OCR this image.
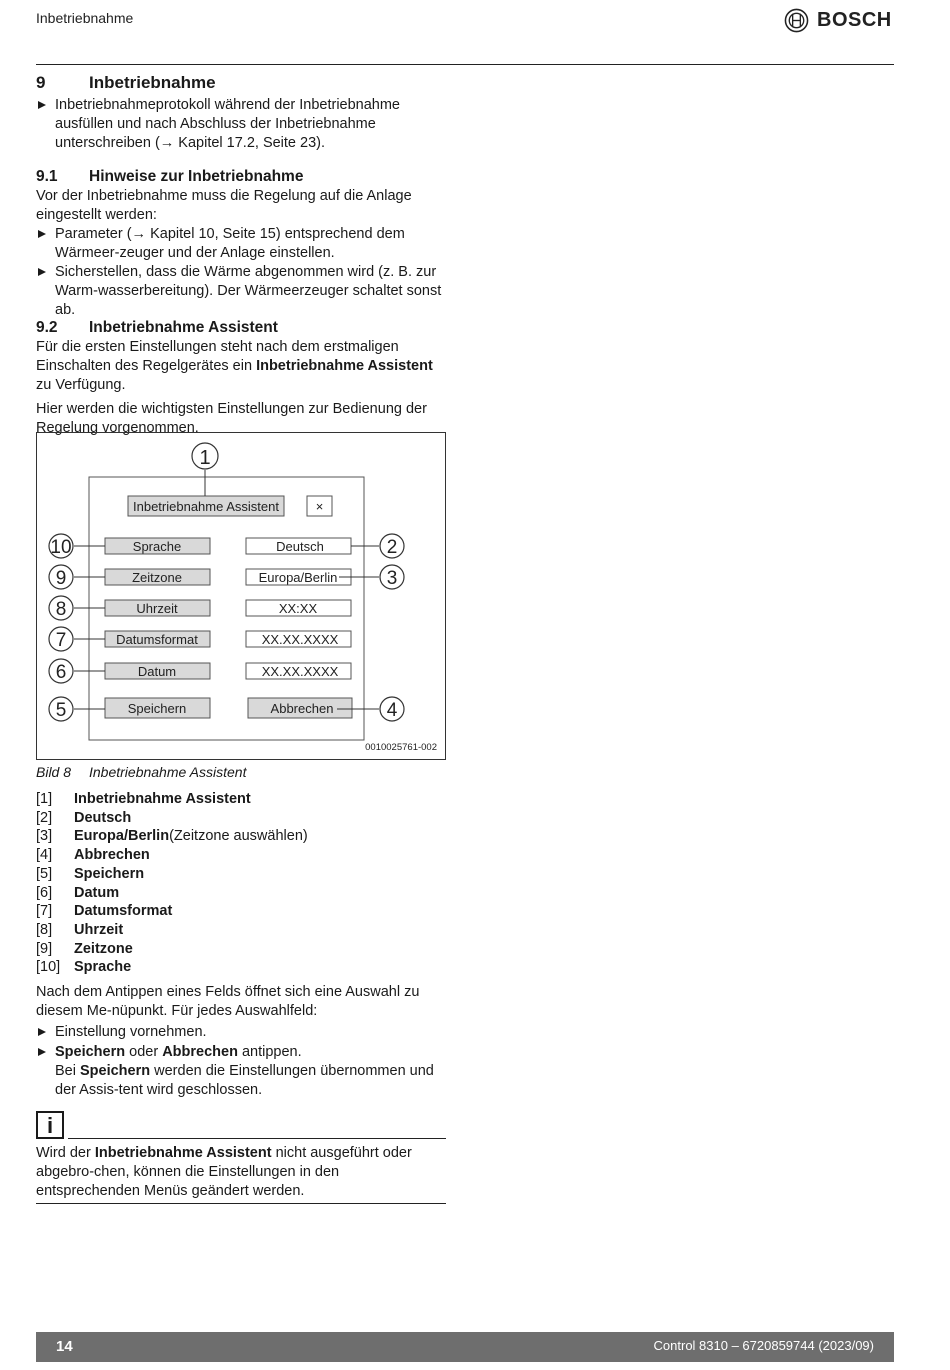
Inbetriebnahme	BOSCH
9	Inbetriebnahme
Inbetriebnahmeprotokoll während der Inbetriebnahme ausfüllen und nach Abschluss der Inbetriebnahme unterschreiben (→ Kapitel 17.2, Seite 23).
9.1	Hinweise zur Inbetriebnahme

Vor der Inbetriebnahme muss die Regelung auf die Anlage eingestellt werden:

Parameter (→ Kapitel 10, Seite 15) entsprechend dem Wärmeer-zeuger und der Anlage einstellen.
Sicherstellen, dass die Wärme abgenommen wird (z. B. zur Warm-wasserbereitung). Der Wärmeerzeuger schaltet sonst ab.
9.2	Inbetriebnahme Assistent

Für die ersten Einstellungen steht nach dem erstmaligen Einschalten des Regelgerätes ein Inbetriebnahme Assistent zu Verfügung.

Hier werden die wichtigsten Einstellungen zur Bedienung der Regelung vorgenommen.

Inbetriebnahme Assistent	×
1
Sprache	Deutsch
10	2
Zeitzone	Europa/Berlin
9	3
Uhrzeit	XX:XX
8
Datumsformat	XX.XX.XXXX
7
Datum	XX.XX.XXXX
6
Speichern
5	Abbrechen	4
0010025761-002
Bild 8 Inbetriebnahme Assistent
[1]	Inbetriebnahme Assistent
[2]	Deutsch
[3]	Europa/Berlin (Zeitzone auswählen)
[4]	Abbrechen
[5]	Speichern
[6]	Datum
[7]	Datumsformat
[8]	Uhrzeit
[9]	Zeitzone
[10] Sprache

Nach dem Antippen eines Felds öffnet sich eine Auswahl zu diesem Me-nüpunkt. Für jedes Auswahlfeld:

Einstellung vornehmen.
Speichern oder Abbrechen antippen.

Bei Speichern werden die Einstellungen übernommen und der Assis-tent wird geschlossen.

i

Wird der Inbetriebnahme Assistent nicht ausgeführt oder abgebro-chen, können die Einstellungen in den entsprechenden Menüs geändert werden.

14	Control 8310 – 6720859744 (2023/09)
